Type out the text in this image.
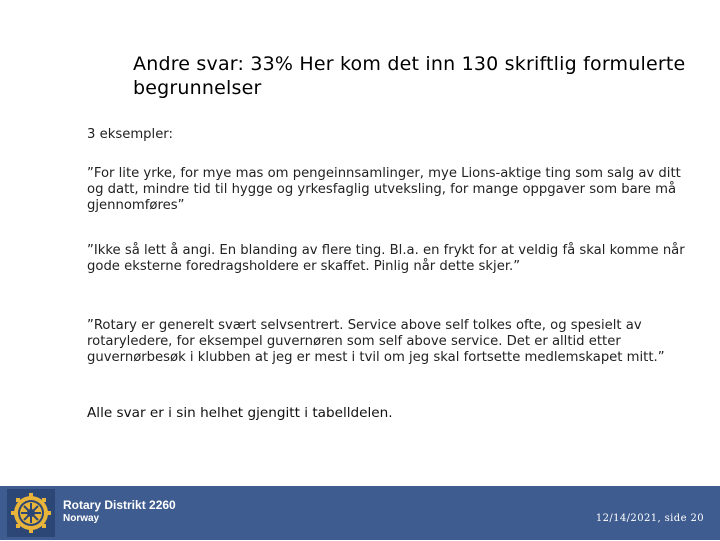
Andre svar: 33% Her kom det inn 130 skriftlig formulerte begrunnelser
3 eksempler:
”For lite yrke, for mye mas om pengeinnsamlinger, mye Lions-aktige ting som salg av ditt og datt, mindre tid til hygge og yrkesfaglig utveksling, for mange oppgaver som bare må gjennomføres”
”Ikke så lett å angi. En blanding av flere ting. Bl.a. en frykt for at veldig få skal komme når gode eksterne foredragsholdere er skaffet. Pinlig når dette skjer.”
”Rotary er generelt svært selvsentrert. Service above self tolkes ofte, og spesielt av rotaryledere, for eksempel guvernøren som self above service. Det er alltid etter guvernørbesøk i klubben at jeg er mest i tvil om jeg skal fortsette medlemskapet mitt.”
Alle svar er i sin helhet gjengitt i tabelldelen.
Rotary Distrikt 2260
Norway	12/14/2021, side 20
